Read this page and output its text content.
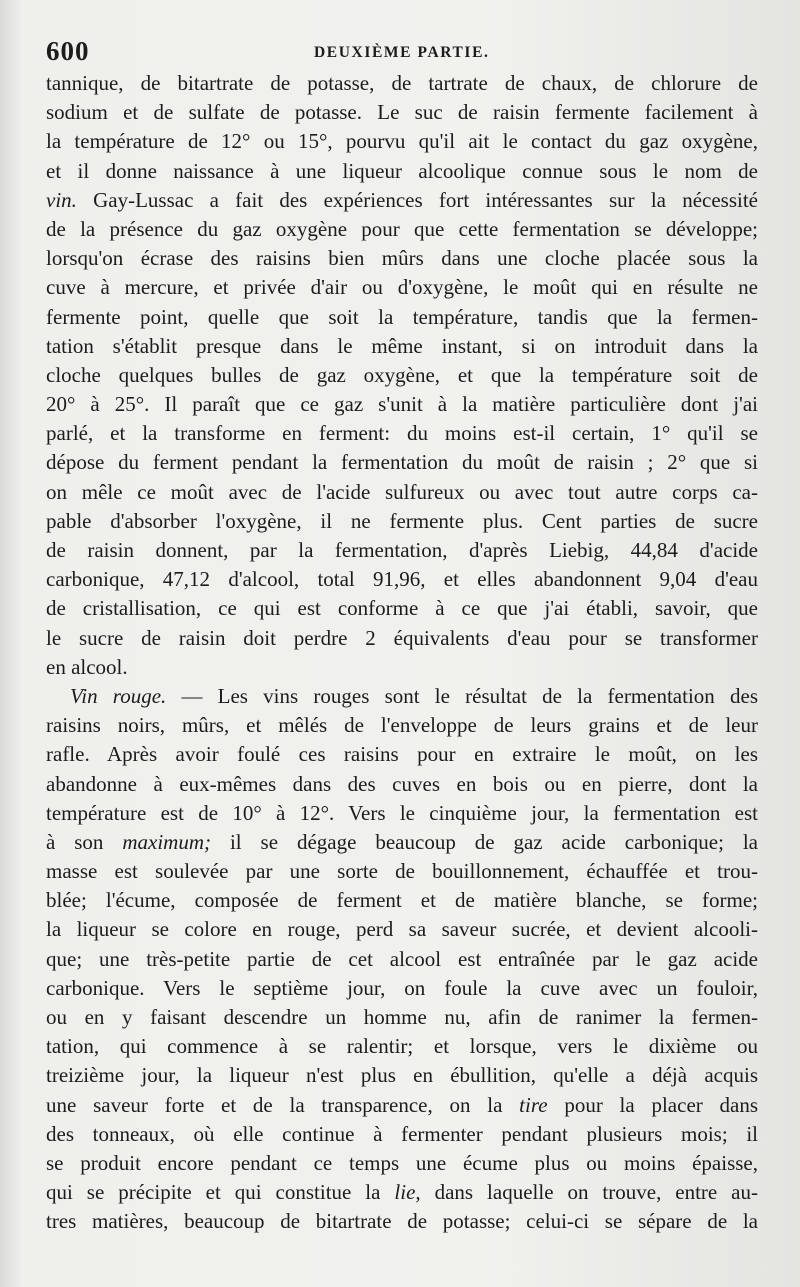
600	DEUXIÈME PARTIE.
tannique, de bitartrate de potasse, de tartrate de chaux, de chlorure de
sodium et de sulfate de potasse. Le suc de raisin fermente facilement à
la température de 12° ou 15°, pourvu qu'il ait le contact du gaz oxygène,
et il donne naissance à une liqueur alcoolique connue sous le nom de
vin. Gay-Lussac a fait des expériences fort intéressantes sur la nécessité
de la présence du gaz oxygène pour que cette fermentation se développe;
lorsqu'on écrase des raisins bien mûrs dans une cloche placée sous la
cuve à mercure, et privée d'air ou d'oxygène, le moût qui en résulte ne
fermente point, quelle que soit la température, tandis que la fermen-
tation s'établit presque dans le même instant, si on introduit dans la
cloche quelques bulles de gaz oxygène, et que la température soit de
20° à 25°. Il paraît que ce gaz s'unit à la matière particulière dont j'ai
parlé, et la transforme en ferment: du moins est-il certain, 1° qu'il se
dépose du ferment pendant la fermentation du moût de raisin ; 2° que si
on mêle ce moût avec de l'acide sulfureux ou avec tout autre corps ca-
pable d'absorber l'oxygène, il ne fermente plus. Cent parties de sucre
de raisin donnent, par la fermentation, d'après Liebig, 44,84 d'acide
carbonique, 47,12 d'alcool, total 91,96, et elles abandonnent 9,04 d'eau
de cristallisation, ce qui est conforme à ce que j'ai établi, savoir, que
le sucre de raisin doit perdre 2 équivalents d'eau pour se transformer
en alcool.
Vin rouge. — Les vins rouges sont le résultat de la fermentation des
raisins noirs, mûrs, et mêlés de l'enveloppe de leurs grains et de leur
rafle. Après avoir foulé ces raisins pour en extraire le moût, on les
abandonne à eux-mêmes dans des cuves en bois ou en pierre, dont la
température est de 10° à 12°. Vers le cinquième jour, la fermentation est
à son maximum; il se dégage beaucoup de gaz acide carbonique; la
masse est soulevée par une sorte de bouillonnement, échauffée et trou-
blée; l'écume, composée de ferment et de matière blanche, se forme;
la liqueur se colore en rouge, perd sa saveur sucrée, et devient alcooli-
que; une très-petite partie de cet alcool est entraînée par le gaz acide
carbonique. Vers le septième jour, on foule la cuve avec un fouloir,
ou en y faisant descendre un homme nu, afin de ranimer la fermen-
tation, qui commence à se ralentir; et lorsque, vers le dixième ou
treizième jour, la liqueur n'est plus en ébullition, qu'elle a déjà acquis
une saveur forte et de la transparence, on la tire pour la placer dans
des tonneaux, où elle continue à fermenter pendant plusieurs mois; il
se produit encore pendant ce temps une écume plus ou moins épaisse,
qui se précipite et qui constitue la lie, dans laquelle on trouve, entre au-
tres matières, beaucoup de bitartrate de potasse; celui-ci se sépare de la
